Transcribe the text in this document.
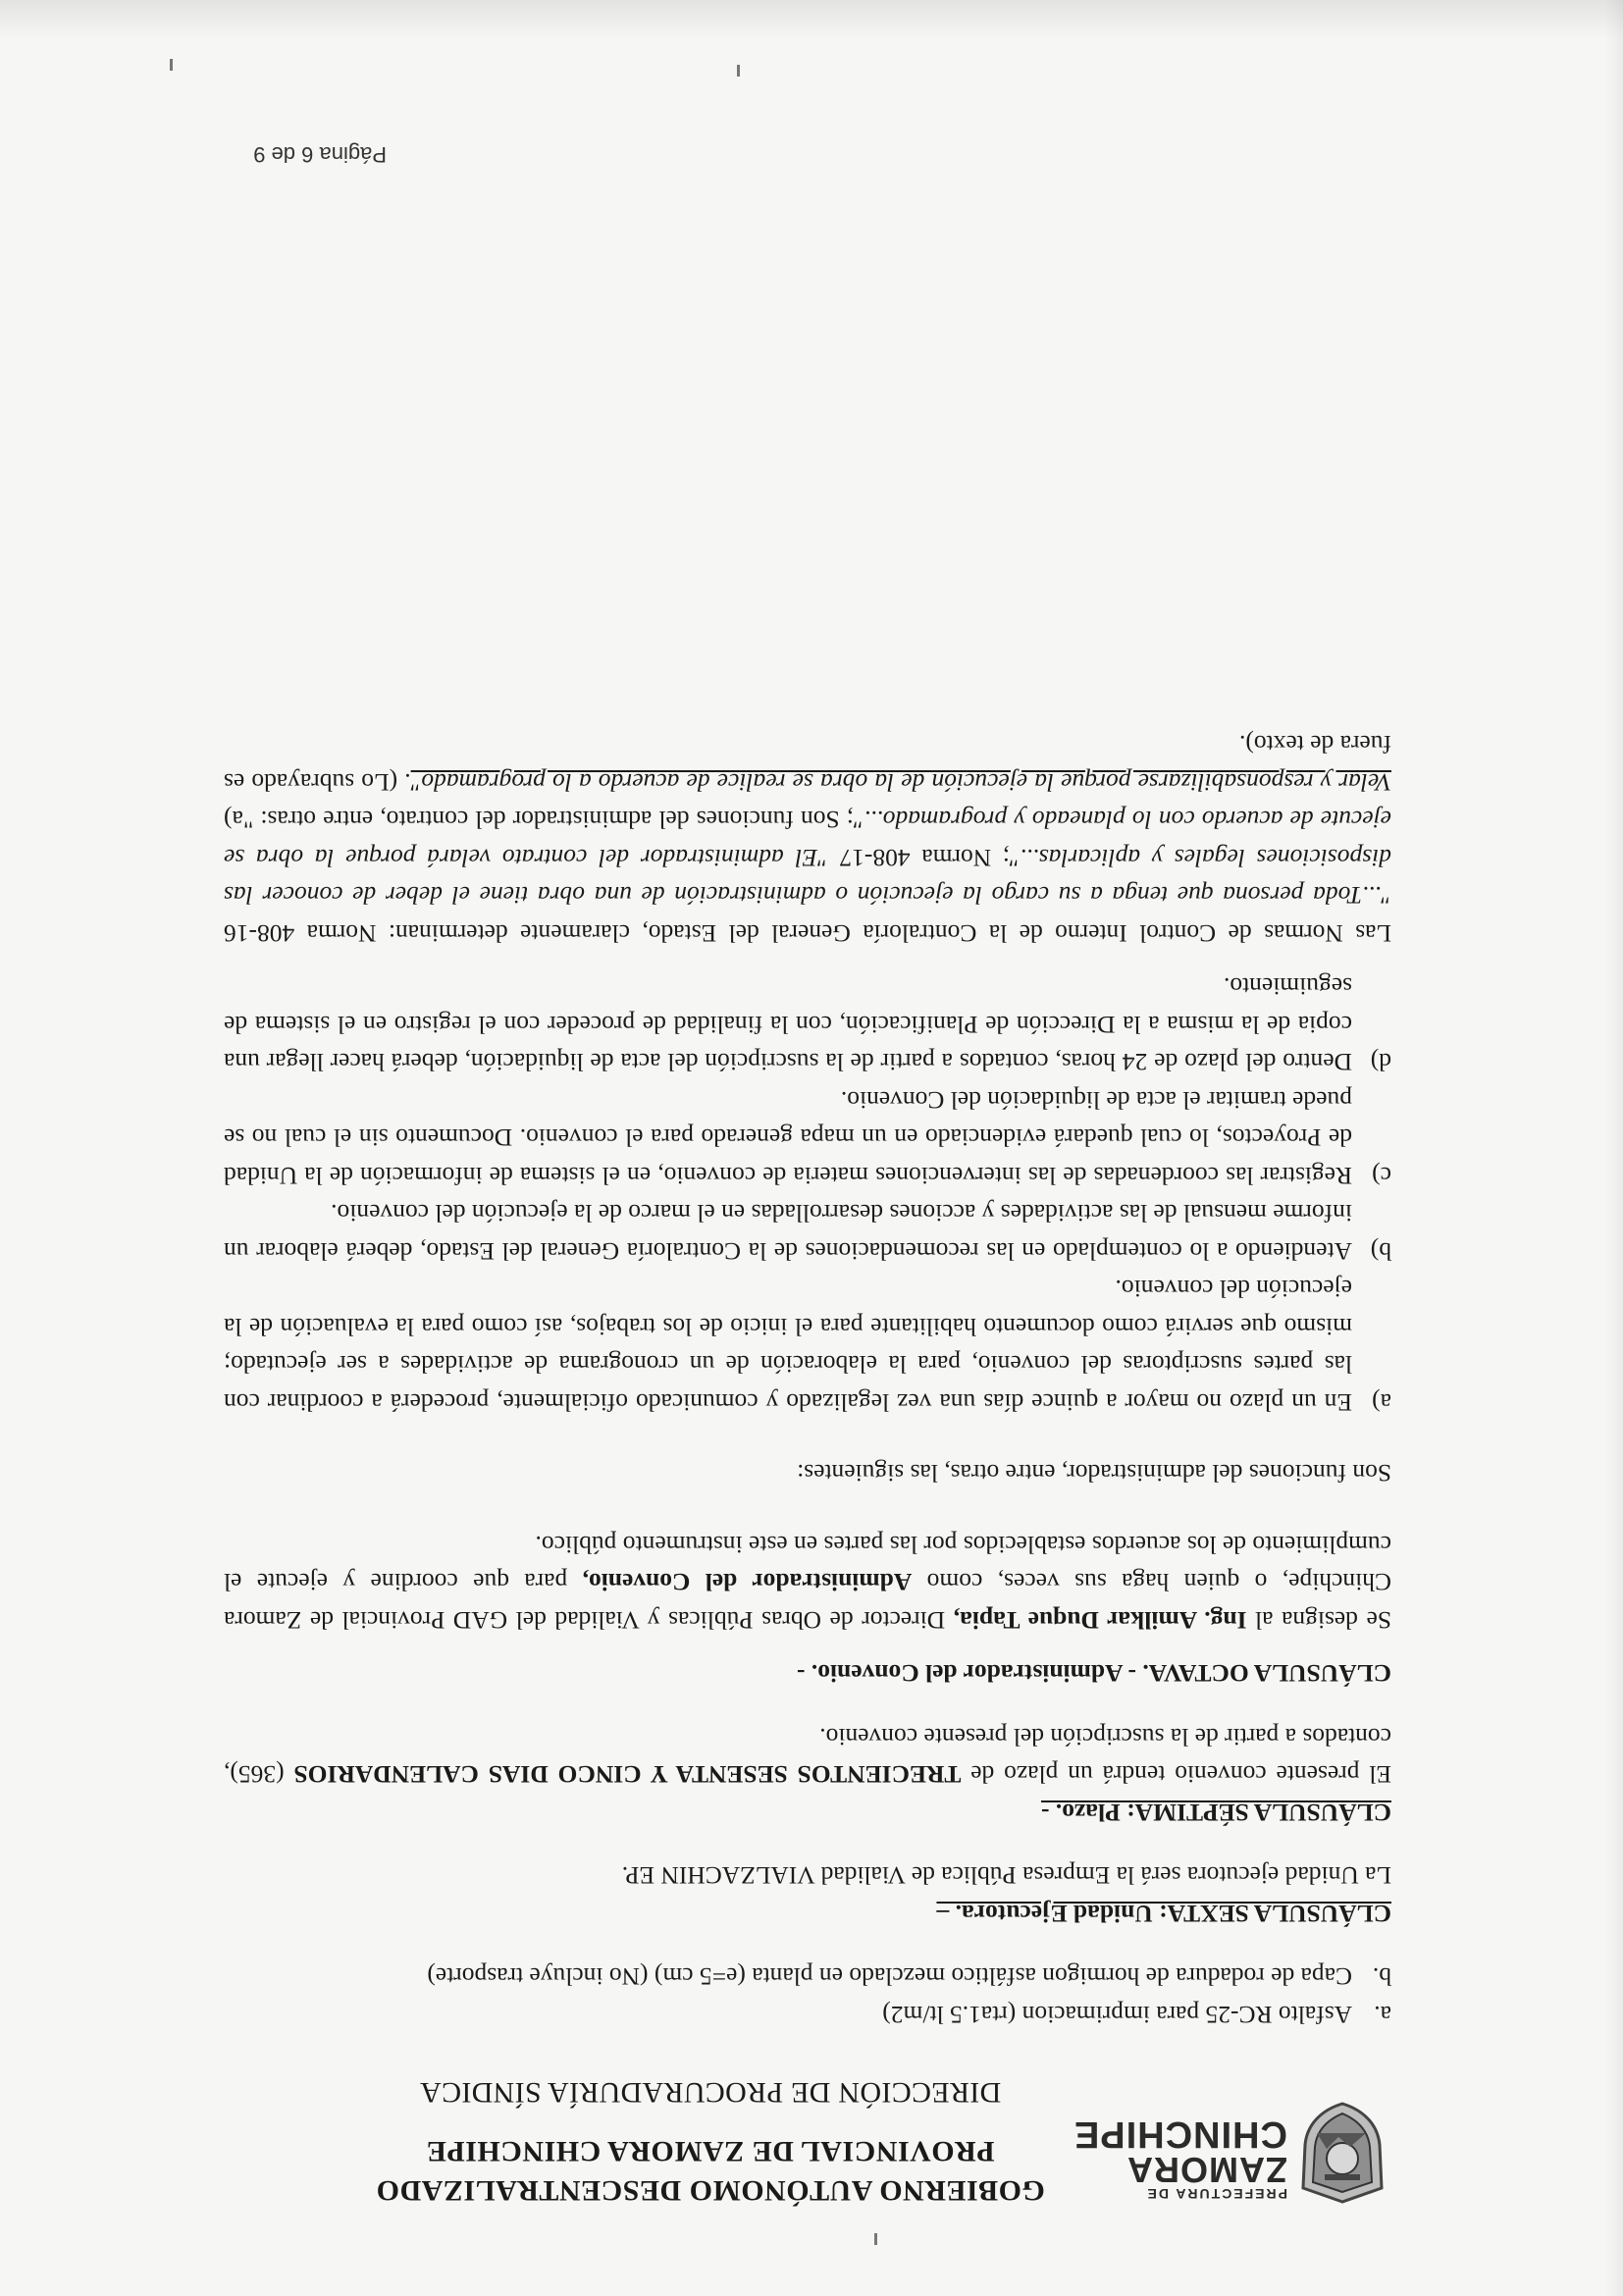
PREFECTURA DE
ZAMORA
CHINCHIPE
GOBIERNO AUTÓNOMO DESCENTRALIZADO
PROVINCIAL DE ZAMORA CHINCHIPE
DIRECCIÓN DE PROCURADURÍA SÍNDICA
a.
Asfalto RC-25 para imprimacion (rta1.5 lt/m2)
b.
Capa de rodadura de hormigon asfáltico mezclado en planta (e=5 cm) (No incluye trasporte)

CLÁUSULA SEXTA: Unidad Ejecutora. –

La Unidad ejecutora será la Empresa Pública de Vialidad VIALZACHIN EP.

CLÁUSULA SÉPTIMA: Plazo. -

El presente convenio tendrá un plazo de TRECIENTOS SESENTA Y CINCO DIAS CALENDARIOS (365), contados a partir de la suscripción del presente convenio.

CLÁUSULA OCTAVA. - Administrador del Convenio. -

Se designa al Ing. Amilkar Duque Tapia, Director de Obras Públicas y Vialidad del GAD Provincial de Zamora Chinchipe, o quien haga sus veces, como Administrador del Convenio, para que coordine y ejecute el cumplimiento de los acuerdos establecidos por las partes en este instrumento público.

Son funciones del administrador, entre otras, las siguientes:

a)
En un plazo no mayor a quince días una vez legalizado y comunicado oficialmente, procederá a coordinar con las partes suscriptoras del convenio, para la elaboración de un cronograma de actividades a ser ejecutado; mismo que servirá como documento habilitante para el inicio de los trabajos, así como para la evaluación de la ejecución del convenio.
b)
Atendiendo a lo contemplado en las recomendaciones de la Contraloría General del Estado, deberá elaborar un informe mensual de las actividades y acciones desarrolladas en el marco de la ejecución del convenio.
c)
Registrar las coordenadas de las intervenciones materia de convenio, en el sistema de información de la Unidad de Proyectos, lo cual quedará evidenciado en un mapa generado para el convenio. Documento sin el cual no se puede tramitar el acta de liquidación del Convenio.
d)
Dentro del plazo de 24 horas, contados a partir de la suscripción del acta de liquidación, deberá hacer llegar una copia de la misma a la Dirección de Planificación, con la finalidad de proceder con el registro en el sistema de seguimiento.

Las Normas de Control Interno de la Contraloría General del Estado, claramente determinan: Norma 408-16 "...Toda persona que tenga a su cargo la ejecución o administración de una obra tiene el deber de conocer las disposiciones legales y aplicarlas..."; Norma 408-17 "El administrador del contrato velará porque la obra se ejecute de acuerdo con lo planeado y programado..."; Son funciones del administrador del contrato, entre otras: "a) Velar y responsabilizarse porque la ejecución de la obra se realice de acuerdo a lo programado". (Lo subrayado es fuera de texto).

Página 6 de 9
